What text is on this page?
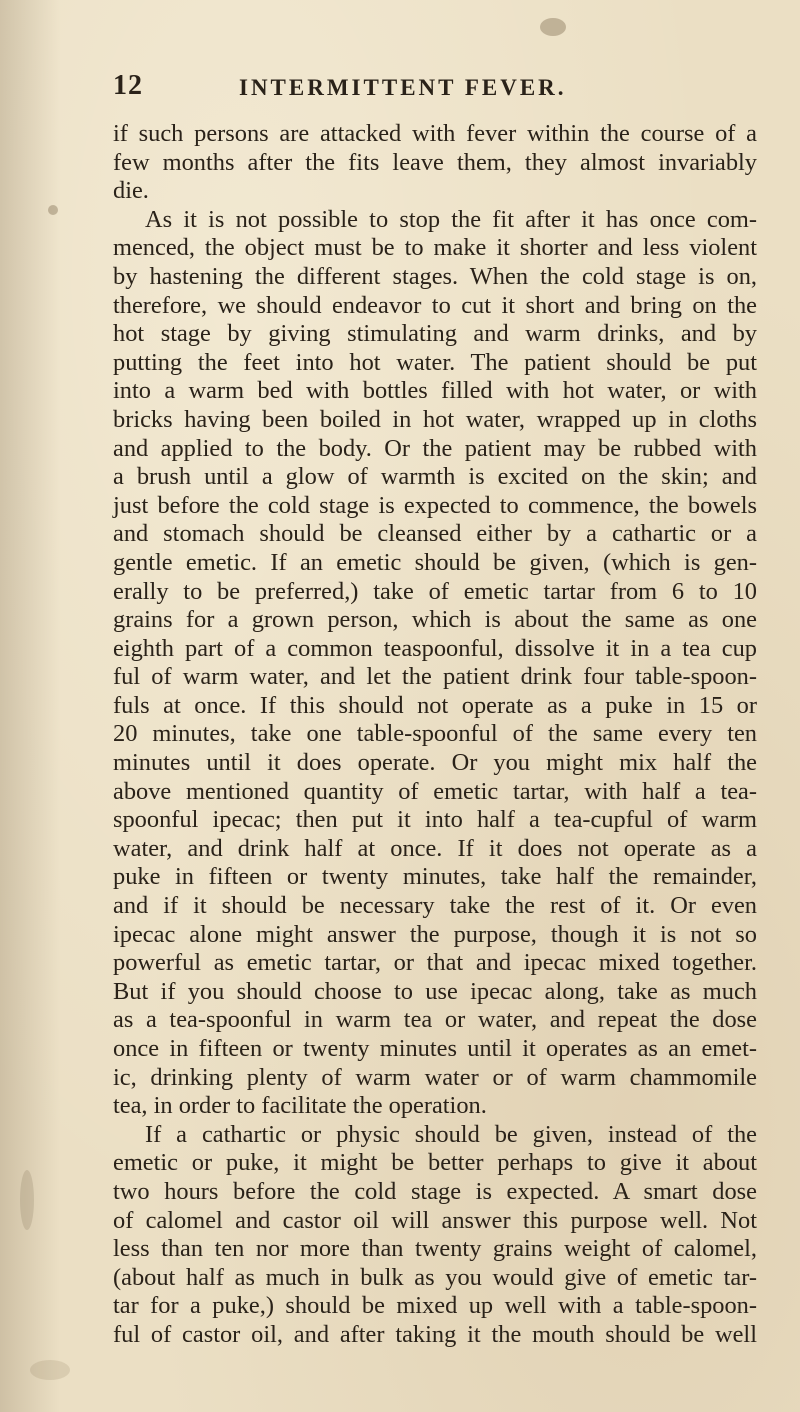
12	INTERMITTENT FEVER.
if such persons are attacked with fever within the course of a
few months after the fits leave them, they almost invariably
die.
As it is not possible to stop the fit after it has once com-
menced, the object must be to make it shorter and less violent
by hastening the different stages. When the cold stage is on,
therefore, we should endeavor to cut it short and bring on the
hot stage by giving stimulating and warm drinks, and by
putting the feet into hot water. The patient should be put
into a warm bed with bottles filled with hot water, or with
bricks having been boiled in hot water, wrapped up in cloths
and applied to the body. Or the patient may be rubbed with
a brush until a glow of warmth is excited on the skin; and
just before the cold stage is expected to commence, the bowels
and stomach should be cleansed either by a cathartic or a
gentle emetic. If an emetic should be given, (which is gen-
erally to be preferred,) take of emetic tartar from 6 to 10
grains for a grown person, which is about the same as one
eighth part of a common teaspoonful, dissolve it in a tea cup
ful of warm water, and let the patient drink four table-spoon-
fuls at once. If this should not operate as a puke in 15 or
20 minutes, take one table-spoonful of the same every ten
minutes until it does operate. Or you might mix half the
above mentioned quantity of emetic tartar, with half a tea-
spoonful ipecac; then put it into half a tea-cupful of warm
water, and drink half at once. If it does not operate as a
puke in fifteen or twenty minutes, take half the remainder,
and if it should be necessary take the rest of it. Or even
ipecac alone might answer the purpose, though it is not so
powerful as emetic tartar, or that and ipecac mixed together.
But if you should choose to use ipecac along, take as much
as a tea-spoonful in warm tea or water, and repeat the dose
once in fifteen or twenty minutes until it operates as an emet-
ic, drinking plenty of warm water or of warm chammomile
tea, in order to facilitate the operation.
If a cathartic or physic should be given, instead of the
emetic or puke, it might be better perhaps to give it about
two hours before the cold stage is expected. A smart dose
of calomel and castor oil will answer this purpose well. Not
less than ten nor more than twenty grains weight of calomel,
(about half as much in bulk as you would give of emetic tar-
tar for a puke,) should be mixed up well with a table-spoon-
ful of castor oil, and after taking it the mouth should be well
